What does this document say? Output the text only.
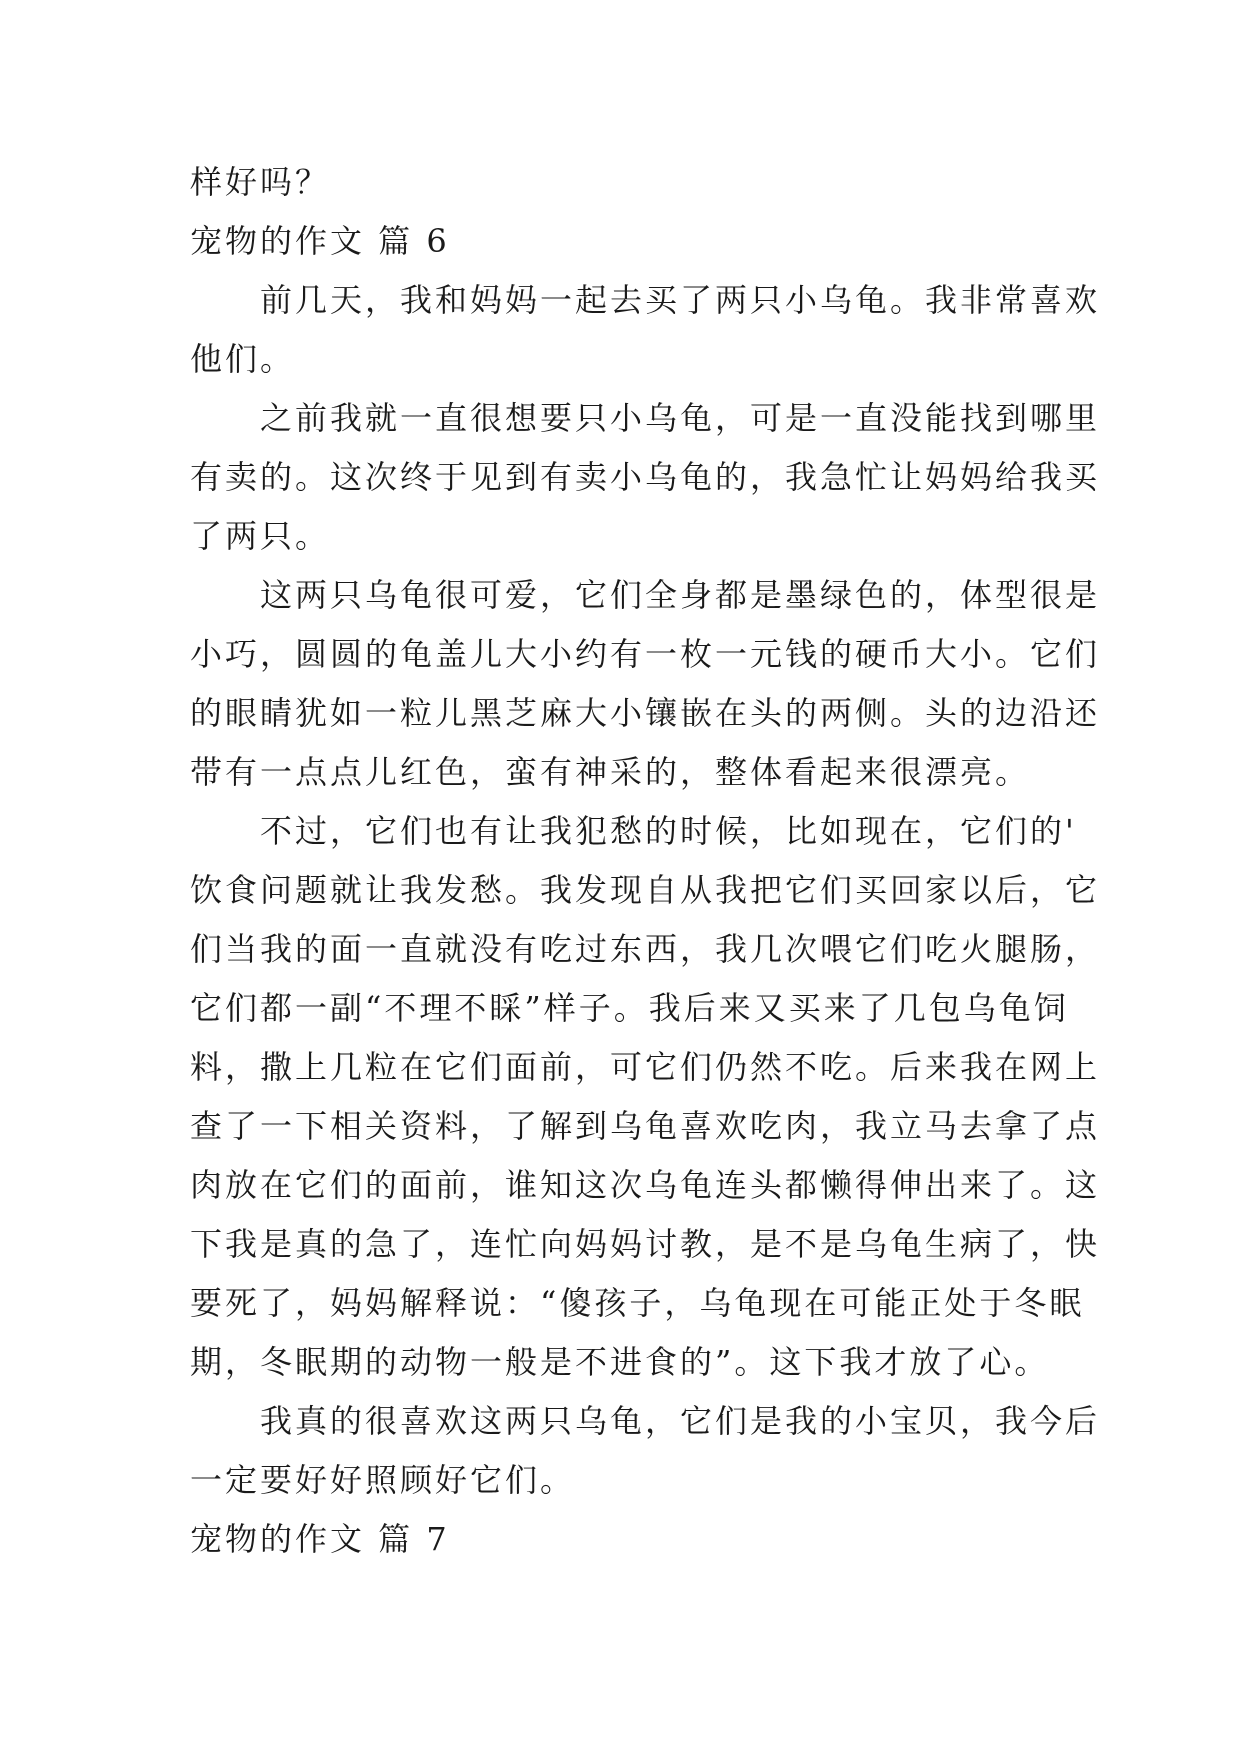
样好吗？
宠物的作文 篇 6
　　前几天，我和妈妈一起去买了两只小乌龟。我非常喜欢
他们。
　　之前我就一直很想要只小乌龟，可是一直没能找到哪里
有卖的。这次终于见到有卖小乌龟的，我急忙让妈妈给我买
了两只。
　　这两只乌龟很可爱，它们全身都是墨绿色的，体型很是
小巧，圆圆的龟盖儿大小约有一枚一元钱的硬币大小。它们
的眼睛犹如一粒儿黑芝麻大小镶嵌在头的两侧。头的边沿还
带有一点点儿红色，蛮有神采的，整体看起来很漂亮。
　　不过，它们也有让我犯愁的时候，比如现在，它们的'
饮食问题就让我发愁。我发现自从我把它们买回家以后，它
们当我的面一直就没有吃过东西，我几次喂它们吃火腿肠，
它们都一副“不理不睬”样子。我后来又买来了几包乌龟饲
料，撒上几粒在它们面前，可它们仍然不吃。后来我在网上
查了一下相关资料，了解到乌龟喜欢吃肉，我立马去拿了点
肉放在它们的面前，谁知这次乌龟连头都懒得伸出来了。这
下我是真的急了，连忙向妈妈讨教，是不是乌龟生病了，快
要死了，妈妈解释说：“傻孩子，乌龟现在可能正处于冬眠
期，冬眠期的动物一般是不进食的”。这下我才放了心。
　　我真的很喜欢这两只乌龟，它们是我的小宝贝，我今后
一定要好好照顾好它们。
宠物的作文 篇 7
